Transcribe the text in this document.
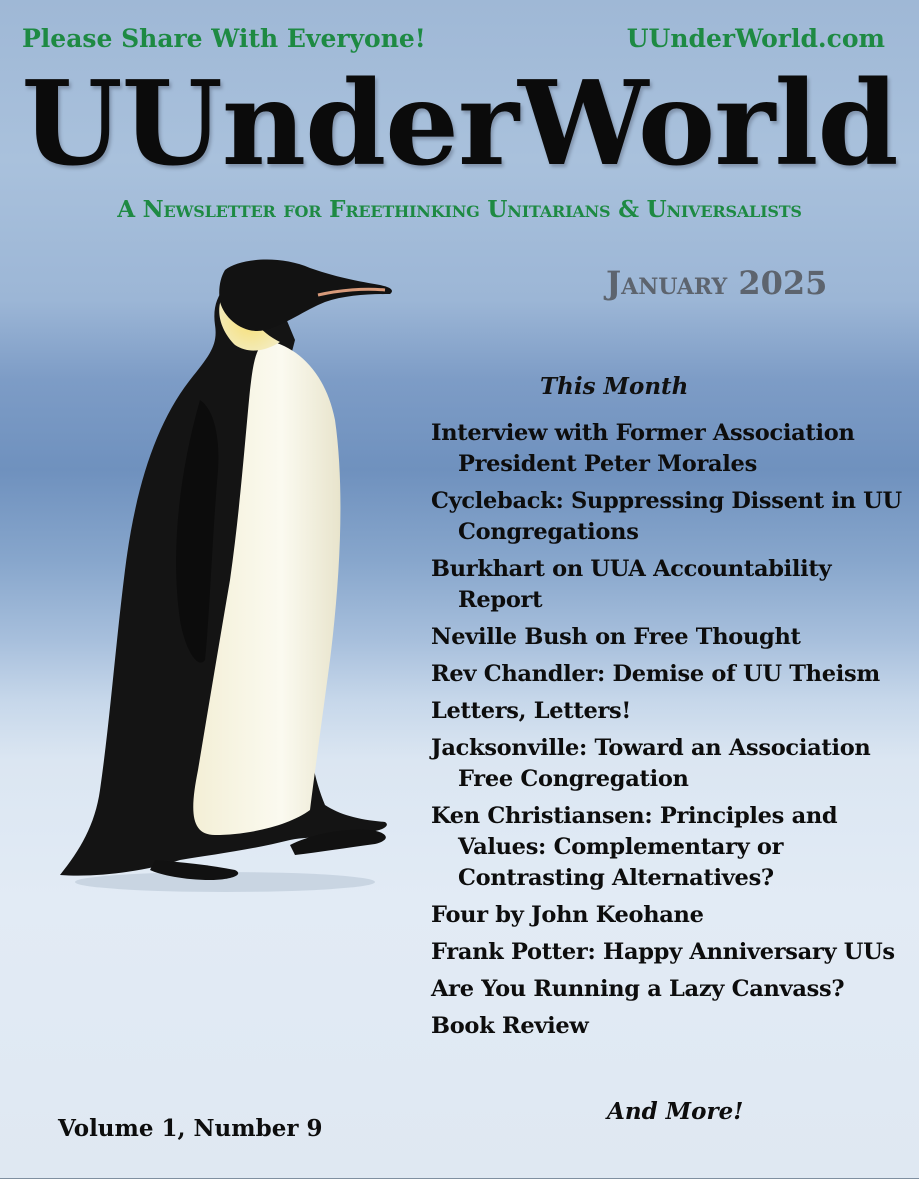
Please Share With Everyone!	UUnderWorld.com

UUnderWorld

A Newsletter for Freethinking Unitarians & Universalists

January 2025

This Month

Interview with Former Association President Peter Morales
Cycleback: Suppressing Dissent in UU Congregations
Burkhart on UUA Accountability Report
Neville Bush on Free Thought
Rev Chandler: Demise of UU Theism
Letters, Letters!
Jacksonville: Toward an Association Free Congregation
Ken Christiansen: Principles and Values: Complementary or Contrasting Alternatives?
Four by John Keohane
Frank Potter: Happy Anniversary UUs
Are You Running a Lazy Canvass?
Book Review

And More!

Volume 1, Number 9
